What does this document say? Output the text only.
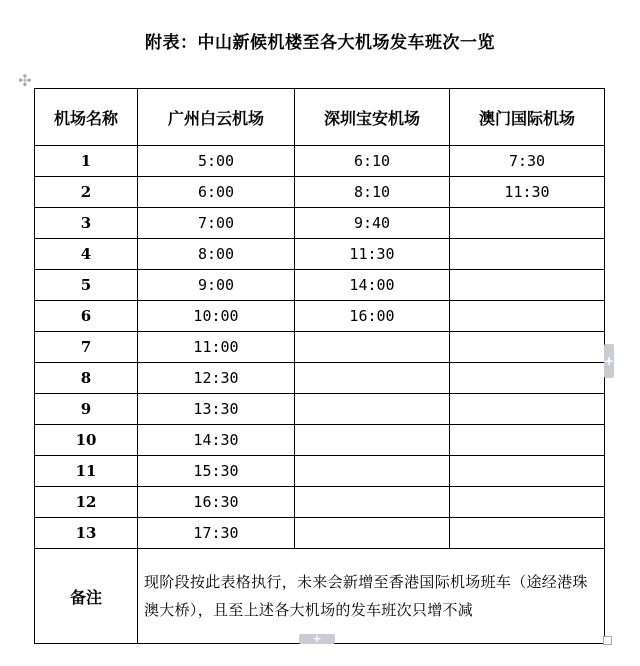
附表：中山新候机楼至各大机场发车班次一览
✣
机场名称	广州白云机场	深圳宝安机场	澳门国际机场
1	5:00	6:10	7:30
2	6:00	8:10	11:30
3	7:00	9:40	
4	8:00	11:30	
5	9:00	14:00	
6	10:00	16:00	
7	11:00		
8	12:30		
9	13:30		
10	14:30		
11	15:30		
12	16:30		
13	17:30		
备注	现阶段按此表格执行，未来会新增至香港国际机场班车（途经港珠澳大桥），且至上述各大机场的发车班次只增不减		
+
+
